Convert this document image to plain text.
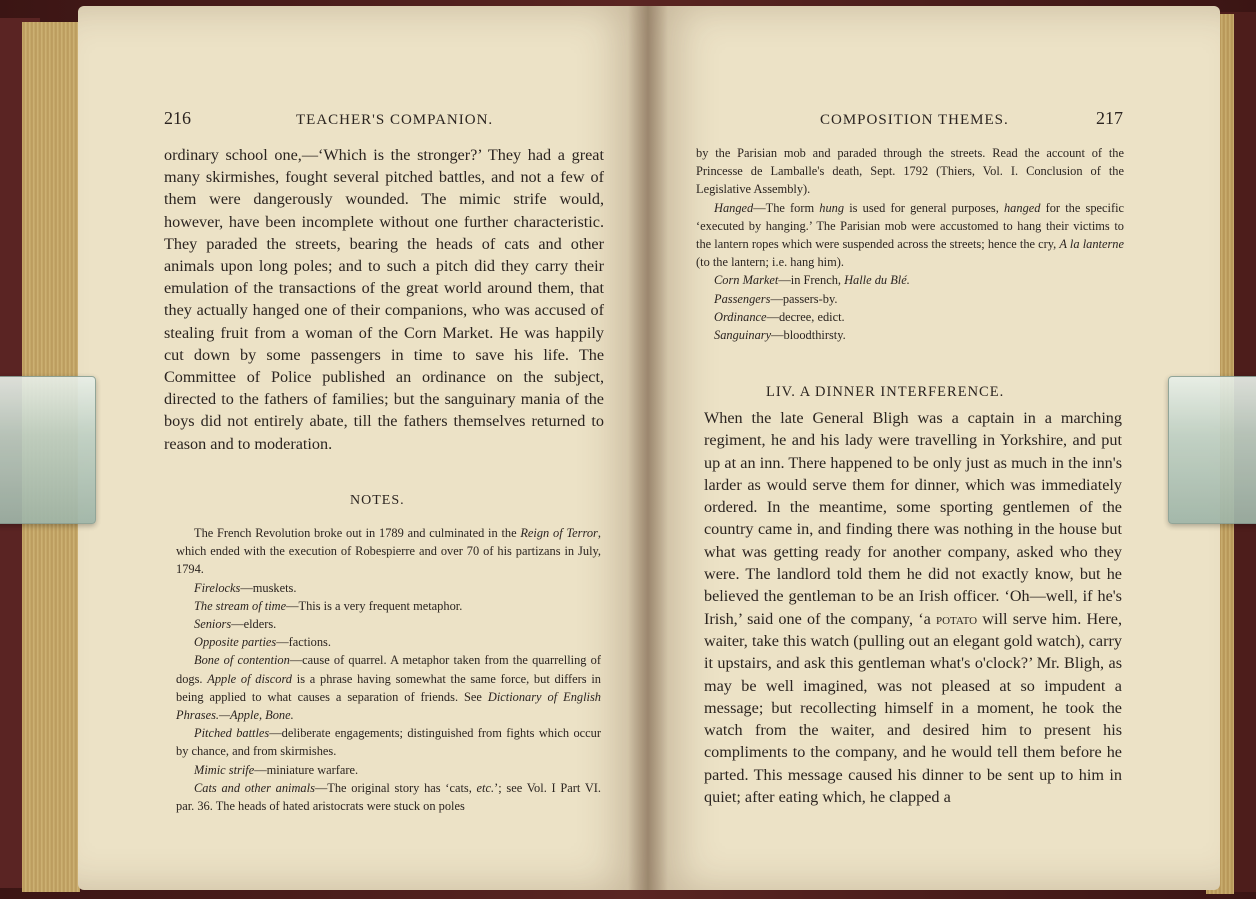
216	TEACHER'S COMPANION.

ordinary school one,—‘Which is the stronger?’ They had a great many skirmishes, fought several pitched battles, and not a few of them were dangerously wounded. The mimic strife would, however, have been incomplete without one further characteristic. They paraded the streets, bearing the heads of cats and other animals upon long poles; and to such a pitch did they carry their emulation of the transactions of the great world around them, that they actually hanged one of their companions, who was accused of stealing fruit from a woman of the Corn Market. He was happily cut down by some passengers in time to save his life. The Committee of Police published an ordinance on the subject, directed to the fathers of families; but the sanguinary mania of the boys did not entirely abate, till the fathers themselves returned to reason and to moderation.

NOTES.

The French Revolution broke out in 1789 and culminated in the Reign of Terror, which ended with the execution of Robespierre and over 70 of his partizans in July, 1794.

Firelocks—muskets.

The stream of time—This is a very frequent metaphor.

Seniors—elders.

Opposite parties—factions.

Bone of contention—cause of quarrel. A metaphor taken from the quarrelling of dogs. Apple of discord is a phrase having somewhat the same force, but differs in being applied to what causes a separation of friends. See Dictionary of English Phrases.—Apple, Bone.

Pitched battles—deliberate engagements; distinguished from fights which occur by chance, and from skirmishes.

Mimic strife—miniature warfare.

Cats and other animals—The original story has ‘cats, etc.’; see Vol. I Part VI. par. 36. The heads of hated aristocrats were stuck on poles

COMPOSITION THEMES.	217

by the Parisian mob and paraded through the streets. Read the account of the Princesse de Lamballe's death, Sept. 1792 (Thiers, Vol. I. Conclusion of the Legislative Assembly).

Hanged—The form hung is used for general purposes, hanged for the specific ‘executed by hanging.’ The Parisian mob were accustomed to hang their victims to the lantern ropes which were suspended across the streets; hence the cry, A la lanterne (to the lantern; i.e. hang him).

Corn Market—in French, Halle du Blé.

Passengers—passers-by.

Ordinance—decree, edict.

Sanguinary—bloodthirsty.

LIV. A DINNER INTERFERENCE.

When the late General Bligh was a captain in a marching regiment, he and his lady were travelling in Yorkshire, and put up at an inn. There happened to be only just as much in the inn's larder as would serve them for dinner, which was immediately ordered. In the meantime, some sporting gentlemen of the country came in, and finding there was nothing in the house but what was getting ready for another company, asked who they were. The landlord told them he did not exactly know, but he believed the gentleman to be an Irish officer. ‘Oh—well, if he's Irish,’ said one of the company, ‘a potato will serve him. Here, waiter, take this watch (pulling out an elegant gold watch), carry it upstairs, and ask this gentleman what's o'clock?’ Mr. Bligh, as may be well imagined, was not pleased at so impudent a message; but recollecting himself in a moment, he took the watch from the waiter, and desired him to present his compliments to the company, and he would tell them before he parted. This message caused his dinner to be sent up to him in quiet; after eating which, he clapped a
